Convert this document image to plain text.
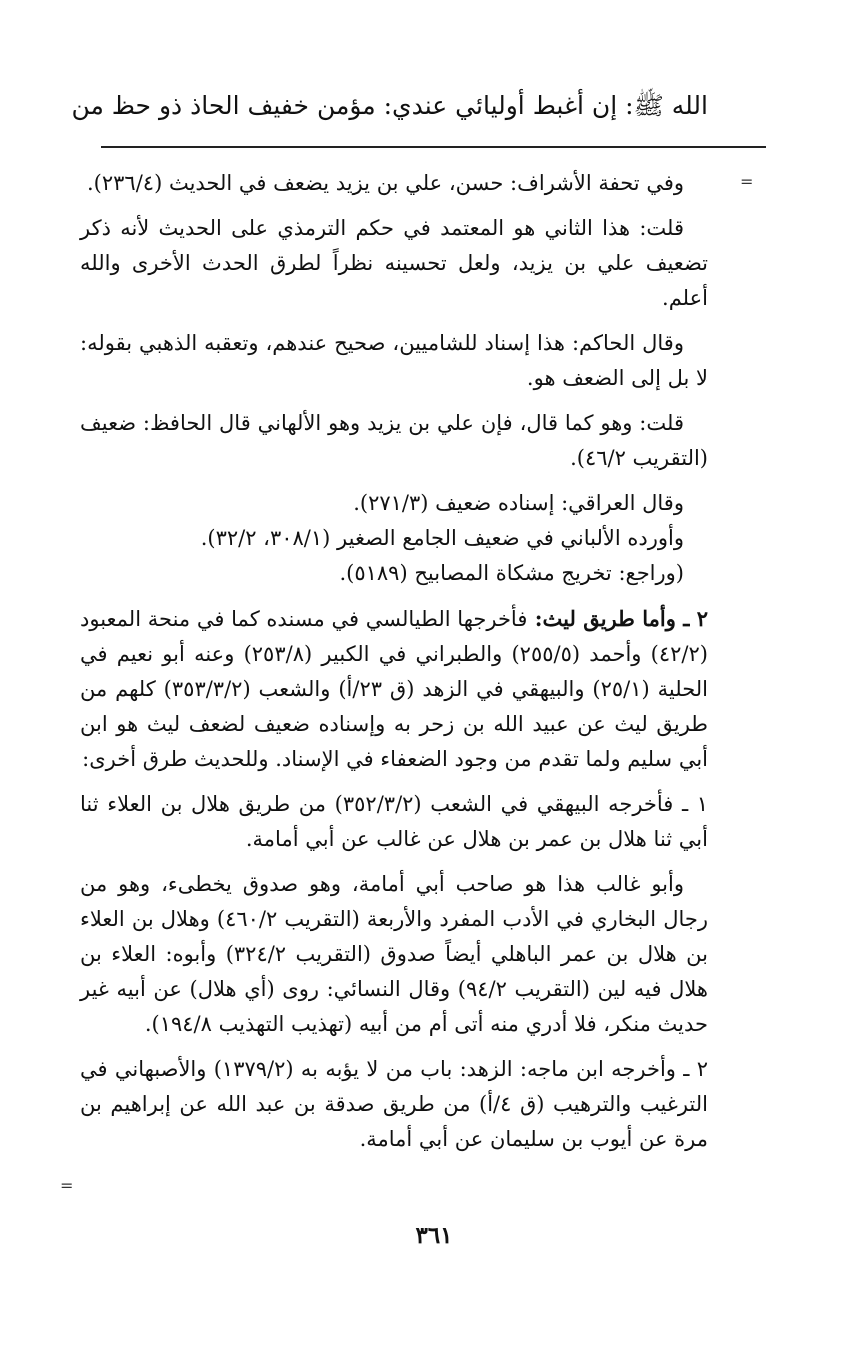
الله ﷺ: إن أغبط أوليائي عندي: مؤمن خفيف الحاذ ذو حظ من

وفي تحفة الأشراف: حسن، علي بن يزيد يضعف في الحديث (٢٣٦/٤).

قلت: هذا الثاني هو المعتمد في حكم الترمذي على الحديث لأنه ذكر تضعيف علي بن يزيد، ولعل تحسينه نظراً لطرق الحدث الأخرى والله أعلم.

وقال الحاكم: هذا إسناد للشاميين، صحيح عندهم، وتعقبه الذهبي بقوله: لا بل إلى الضعف هو.

قلت: وهو كما قال، فإن علي بن يزيد وهو الألهاني قال الحافظ: ضعيف (التقريب ٤٦/٢).

وقال العراقي: إسناده ضعيف (٢٧١/٣).

وأورده الألباني في ضعيف الجامع الصغير (٣٠٨/١، ٣٢/٢).

(وراجع: تخريج مشكاة المصابيح (٥١٨٩).

٢ ـ وأما طريق ليث: فأخرجها الطيالسي في مسنده كما في منحة المعبود (٤٢/٢) وأحمد (٢٥٥/٥) والطبراني في الكبير (٢٥٣/٨) وعنه أبو نعيم في الحلية (٢٥/١) والبيهقي في الزهد (ق ٢٣/أ) والشعب (٣٥٣/٣/٢) كلهم من طريق ليث عن عبيد الله بن زحر به وإسناده ضعيف لضعف ليث هو ابن أبي سليم ولما تقدم من وجود الضعفاء في الإسناد. وللحديث طرق أخرى:

١ ـ فأخرجه البيهقي في الشعب (٣٥٢/٣/٢) من طريق هلال بن العلاء ثنا أبي ثنا هلال بن عمر بن هلال عن غالب عن أبي أمامة.

وأبو غالب هذا هو صاحب أبي أمامة، وهو صدوق يخطىء، وهو من رجال البخاري في الأدب المفرد والأربعة (التقريب ٤٦٠/٢) وهلال بن العلاء بن هلال بن عمر الباهلي أيضاً صدوق (التقريب ٣٢٤/٢) وأبوه: العلاء بن هلال فيه لين (التقريب ٩٤/٢) وقال النسائي: روى (أي هلال) عن أبيه غير حديث منكر، فلا أدري منه أتى أم من أبيه (تهذيب التهذيب ١٩٤/٨).

٢ ـ وأخرجه ابن ماجه: الزهد: باب من لا يؤبه به (١٣٧٩/٢) والأصبهاني في الترغيب والترهيب (ق ٤/أ) من طريق صدقة بن عبد الله عن إبراهيم بن مرة عن أيوب بن سليمان عن أبي أمامة.

٣٦١
=
=
